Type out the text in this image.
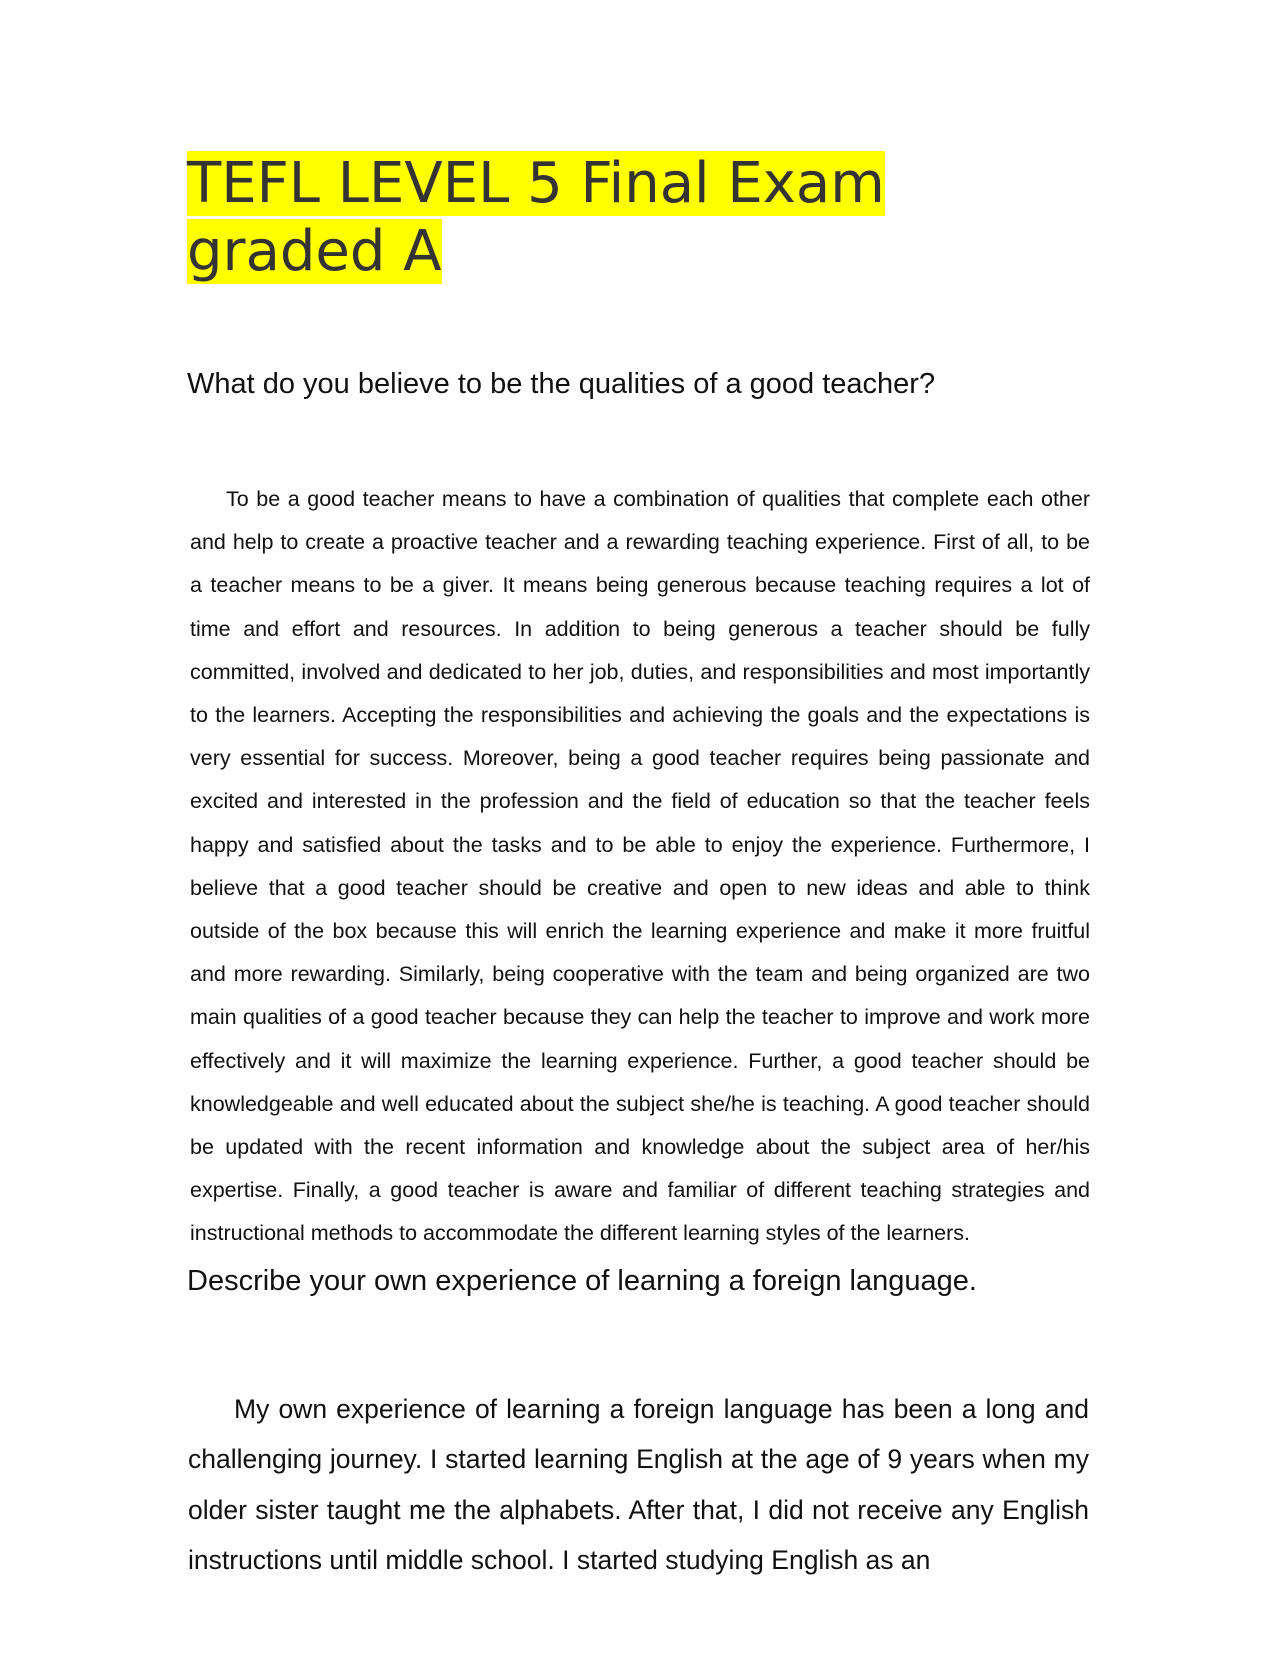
TEFL LEVEL 5 Final Exam graded A
What do you believe to be the qualities of a good teacher?

To be a good teacher means to have a combination of qualities that complete each other and help to create a proactive teacher and a rewarding teaching experience. First of all, to be a teacher means to be a giver. It means being generous because teaching requires a lot of time and effort and resources. In addition to being generous a teacher should be fully committed, involved and dedicated to her job, duties, and responsibilities and most importantly to the learners. Accepting the responsibilities and achieving the goals and the expectations is very essential for success. Moreover, being a good teacher requires being passionate and excited and interested in the profession and the field of education so that the teacher feels happy and satisfied about the tasks and to be able to enjoy the experience. Furthermore, I believe that a good teacher should be creative and open to new ideas and able to think outside of the box because this will enrich the learning experience and make it more fruitful and more rewarding. Similarly, being cooperative with the team and being organized are two main qualities of a good teacher because they can help the teacher to improve and work more effectively and it will maximize the learning experience. Further, a good teacher should be knowledgeable and well educated about the subject she/he is teaching. A good teacher should be updated with the recent information and knowledge about the subject area of her/his expertise. Finally, a good teacher is aware and familiar of different teaching strategies and instructional methods to accommodate the different learning styles of the learners.

Describe your own experience of learning a foreign language.

My own experience of learning a foreign language has been a long and challenging journey. I started learning English at the age of 9 years when my older sister taught me the alphabets. After that, I did not receive any English instructions until middle school. I started studying English as an
